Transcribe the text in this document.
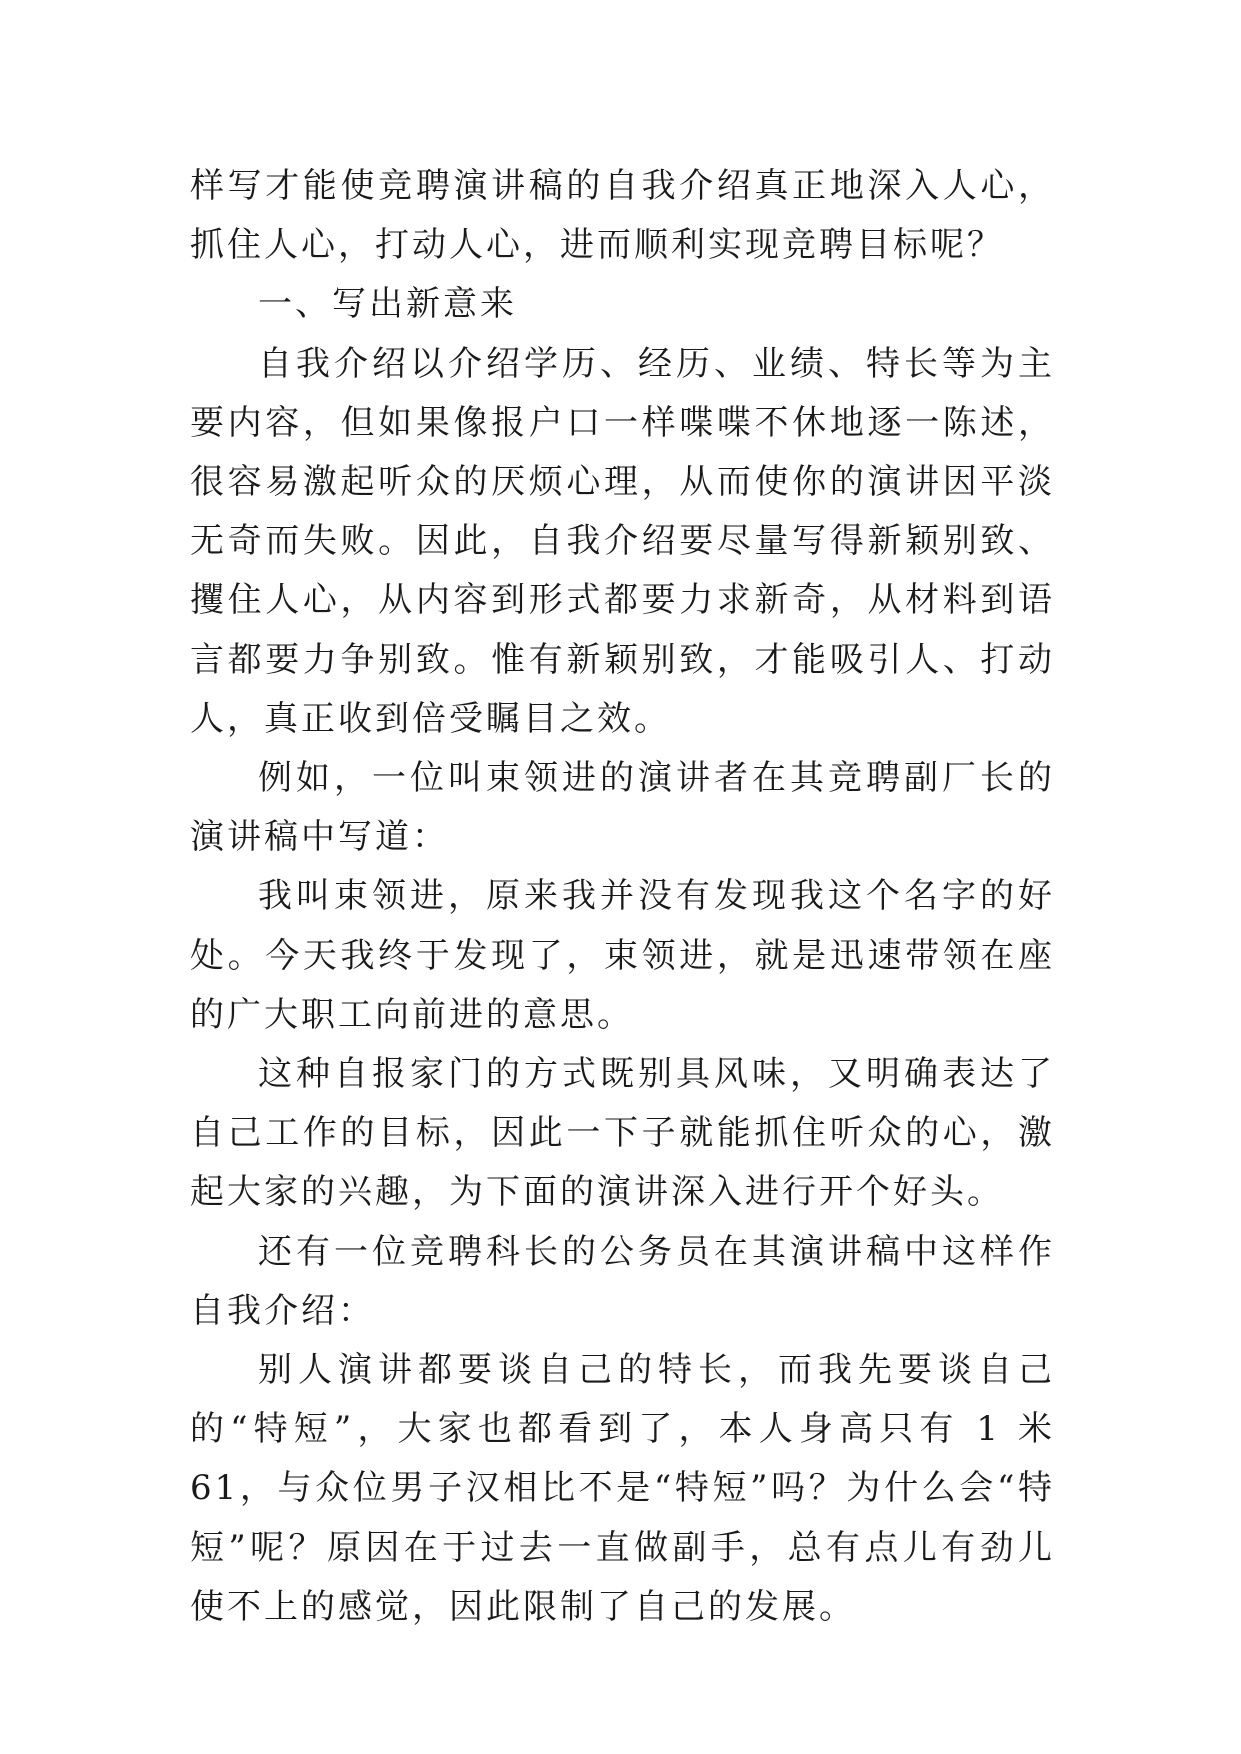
样写才能使竞聘演讲稿的自我介绍真正地深入人心，抓住人心，打动人心，进而顺利实现竞聘目标呢？

一、写出新意来

自我介绍以介绍学历、经历、业绩、特长等为主要内容，但如果像报户口一样喋喋不休地逐一陈述，很容易激起听众的厌烦心理，从而使你的演讲因平淡无奇而失败。因此，自我介绍要尽量写得新颖别致、攫住人心，从内容到形式都要力求新奇，从材料到语言都要力争别致。惟有新颖别致，才能吸引人、打动人，真正收到倍受瞩目之效。

例如，一位叫束领进的演讲者在其竞聘副厂长的演讲稿中写道：

我叫束领进，原来我并没有发现我这个名字的好处。今天我终于发现了，束领进，就是迅速带领在座的广大职工向前进的意思。

这种自报家门的方式既别具风味，又明确表达了自己工作的目标，因此一下子就能抓住听众的心，激起大家的兴趣，为下面的演讲深入进行开个好头。

还有一位竞聘科长的公务员在其演讲稿中这样作自我介绍：

别人演讲都要谈自己的特长，而我先要谈自己的“特短”，大家也都看到了，本人身高只有 1 米 61，与众位男子汉相比不是“特短”吗？为什么会“特短”呢？原因在于过去一直做副手，总有点儿有劲儿使不上的感觉，因此限制了自己的发展。
